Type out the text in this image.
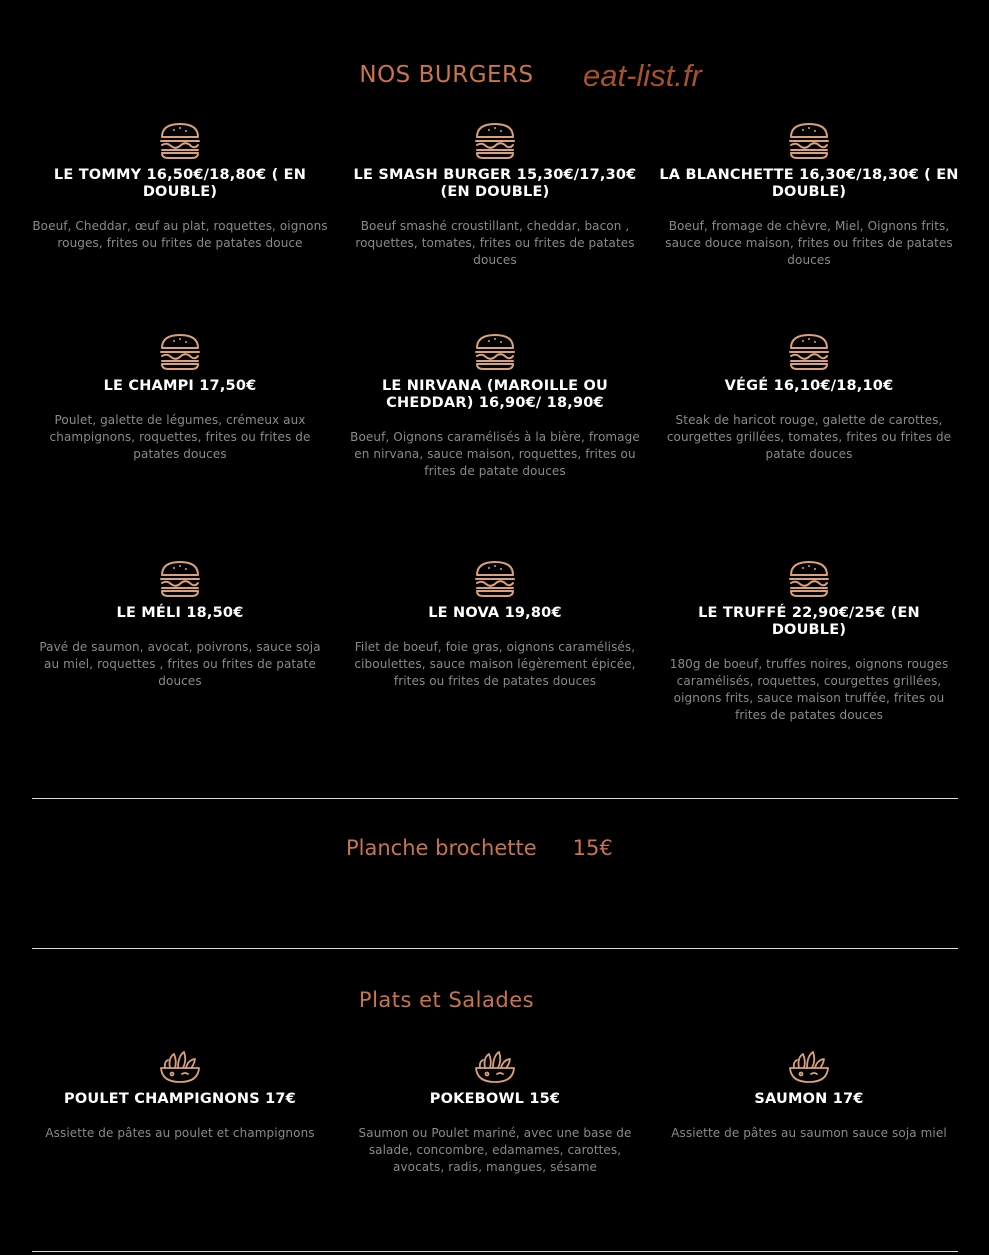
NOS BURGERS	eat-list.fr
LE TOMMY 16,50€/18,80€ ( EN DOUBLE)
Boeuf, Cheddar, œuf au plat, roquettes, oignons rouges, frites ou frites de patates douce
LE SMASH BURGER 15,30€/17,30€ (EN DOUBLE)
Boeuf smashé croustillant, cheddar, bacon , roquettes, tomates, frites ou frites de patates douces
LA BLANCHETTE 16,30€/18,30€ ( EN DOUBLE)
Boeuf, fromage de chèvre, Miel, Oignons frits, sauce douce maison, frites ou frites de patates douces
LE CHAMPI 17,50€
Poulet, galette de légumes, crémeux aux champignons, roquettes, frites ou frites de patates douces
LE NIRVANA (MAROILLE OU CHEDDAR) 16,90€/ 18,90€
Boeuf, Oignons caramélisés à la bière, fromage en nirvana, sauce maison, roquettes, frites ou frites de patate douces
VÉGÉ 16,10€/18,10€
Steak de haricot rouge, galette de carottes, courgettes grillées, tomates, frites ou frites de patate douces
LE MÉLI 18,50€
Pavé de saumon, avocat, poivrons, sauce soja au miel, roquettes , frites ou frites de patate douces
LE NOVA 19,80€
Filet de boeuf, foie gras, oignons caramélisés, ciboulettes, sauce maison légèrement épicée, frites ou frites de patates douces
LE TRUFFÉ 22,90€/25€ (EN DOUBLE)
180g de boeuf, truffes noires, oignons rouges caramélisés, roquettes, courgettes grillées, oignons frits, sauce maison truffée, frites ou frites de patates douces
Planche brochette 15€
Plats et Salades
POULET CHAMPIGNONS 17€
Assiette de pâtes au poulet et champignons
POKEBOWL 15€
Saumon ou Poulet mariné, avec une base de salade, concombre, edamames, carottes, avocats, radis, mangues, sésame
SAUMON 17€
Assiette de pâtes au saumon sauce soja miel
